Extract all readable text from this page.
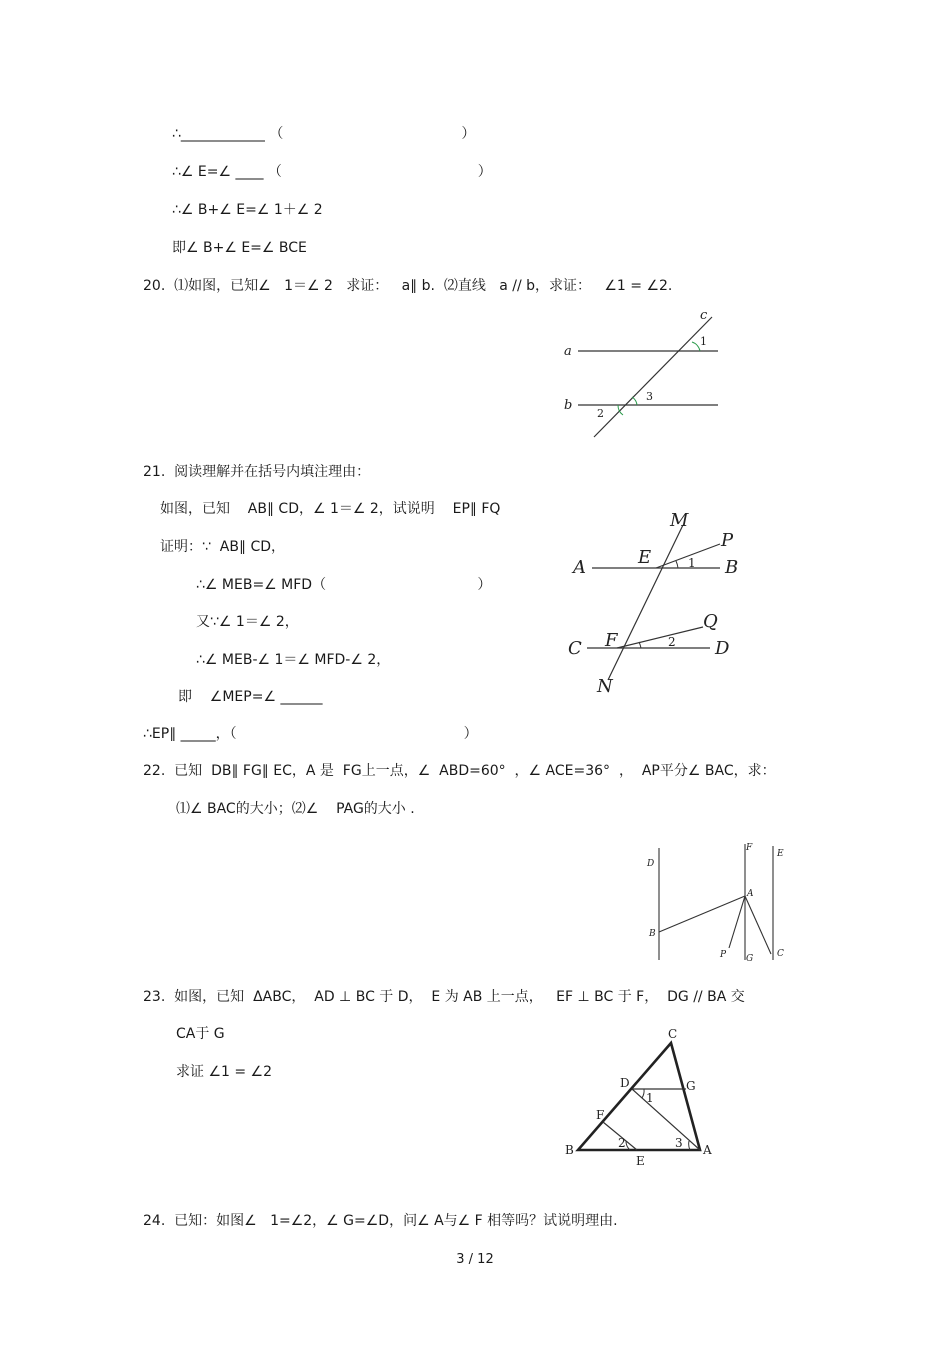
∴____________ （                                        ）
∴∠ E=∠ ____ （                                            ）
∴∠ B+∠ E=∠ 1＋∠ 2
即∠ B+∠ E=∠ BCE
20.  ⑴如图，已知∠   1＝∠ 2   求证：   a∥ b.  ⑵直线   a // b，求证：   ∠1 = ∠2.
21.  阅读理解并在括号内填注理由：
如图，已知    AB∥ CD，∠ 1＝∠ 2，试说明    EP∥ FQ
证明：∵  AB∥ CD，
∴∠ MEB=∠ MFD（                                  ）
又∵∠ 1＝∠ 2，
∴∠ MEB-∠ 1＝∠ MFD-∠ 2，
即    ∠MEP=∠ ______
∴EP∥ _____，（                                                   ）
22.  已知  DB∥ FG∥ EC，A 是  FG上一点，∠  ABD=60°  ，∠ ACE=36°  ，  AP平分∠ BAC，求：
⑴∠ BAC的大小；⑵∠    PAG的大小 .
23.  如图，已知  ΔABC，  AD ⊥ BC 于 D，  E 为 AB 上一点，   EF ⊥ BC 于 F，  DG // BA 交
CA于 G
求证 ∠1 = ∠2
24.  已知：如图∠   1=∠2，∠ G=∠D，问∠ A与∠ F 相等吗？试说明理由.
3 / 12
a
b
c
1
2
3
M
P
E
A	B
1
Q
F
C	D
2
N
D
F
E
A
B
P G	C
C
D	G
1
F
2	3
B
E
A
